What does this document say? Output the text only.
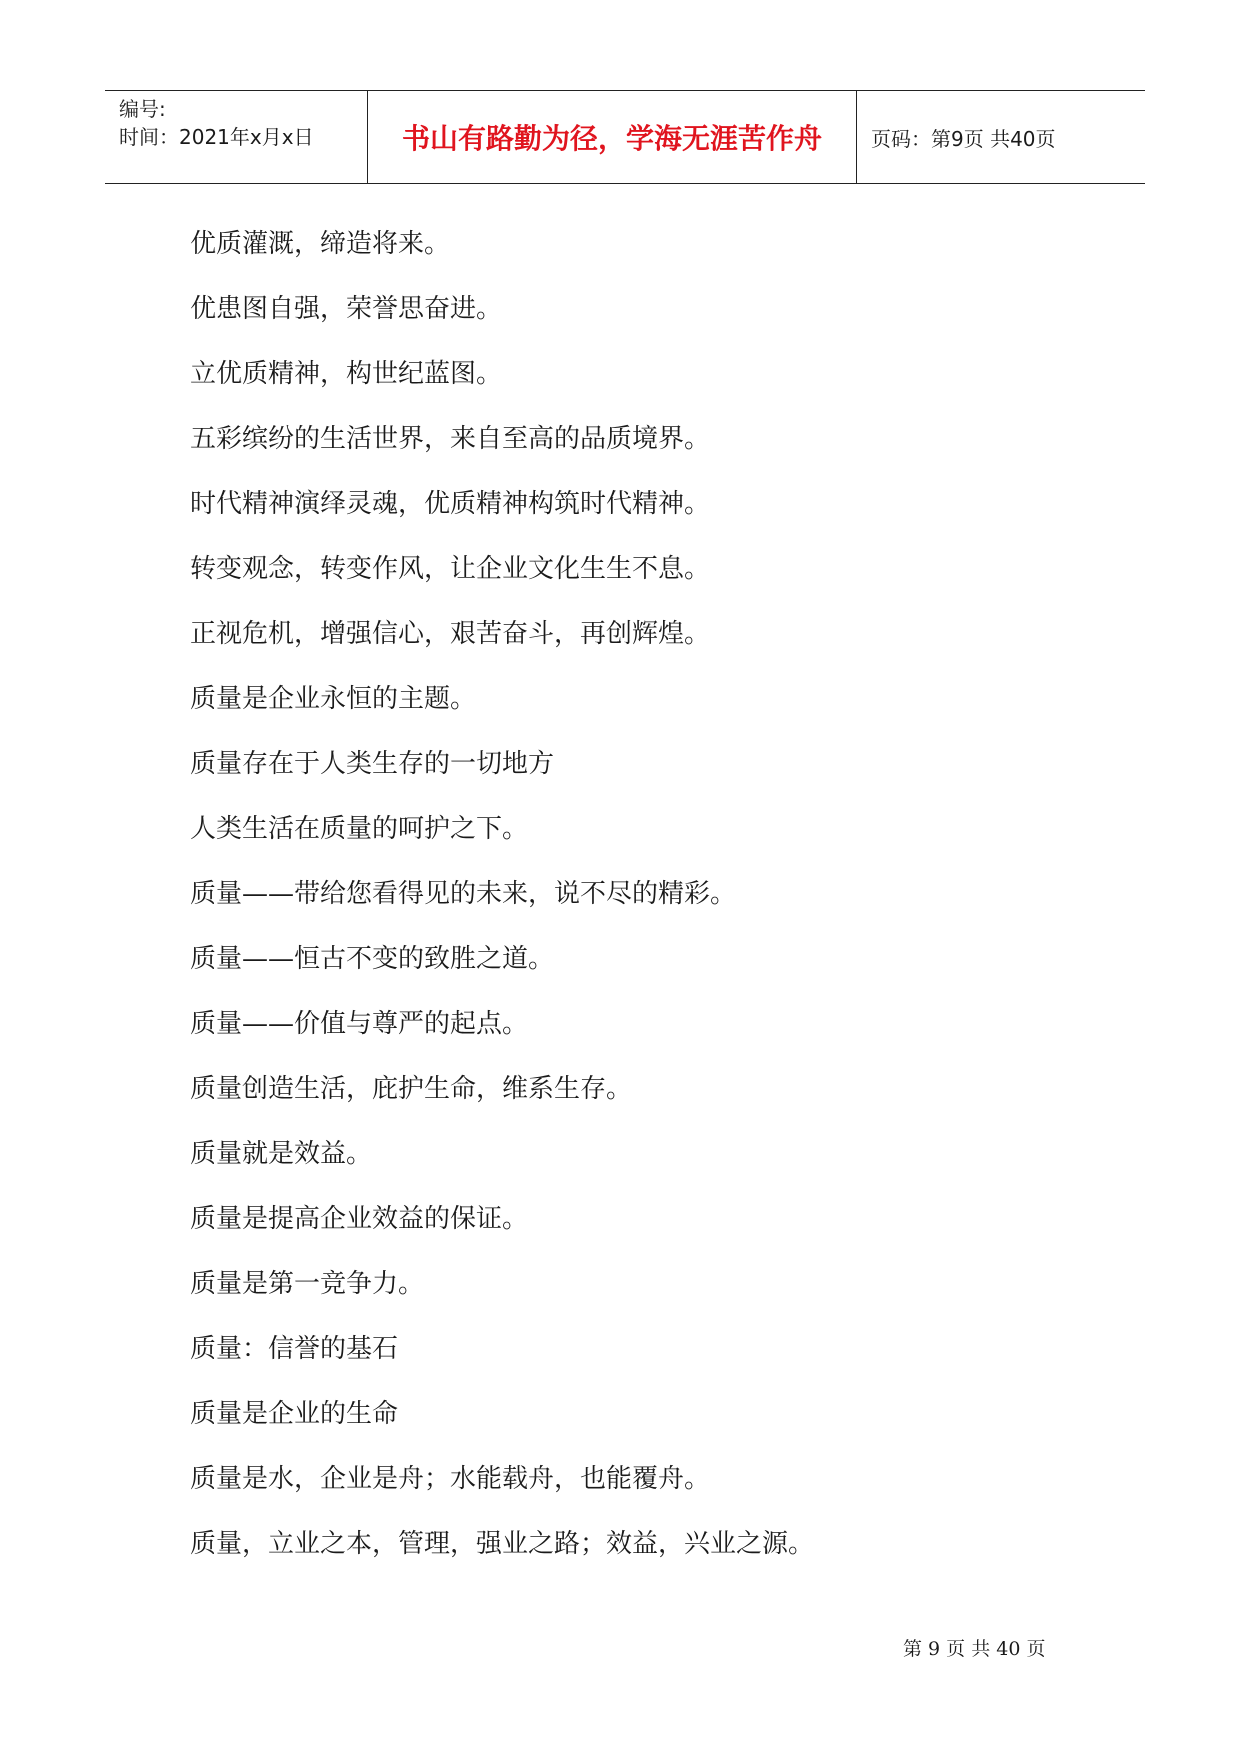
编号:
时间：2021年x月x日	书山有路勤为径，学海无涯苦作舟	页码：第9页 共40页
优质灌溉，缔造将来。
优患图自强，荣誉思奋进。
立优质精神，构世纪蓝图。
五彩缤纷的生活世界，来自至高的品质境界。
时代精神演绎灵魂，优质精神构筑时代精神。
转变观念，转变作风，让企业文化生生不息。
正视危机，增强信心，艰苦奋斗，再创辉煌。
质量是企业永恒的主题。
质量存在于人类生存的一切地方
人类生活在质量的呵护之下。
质量——带给您看得见的未来，说不尽的精彩。
质量——恒古不变的致胜之道。
质量——价值与尊严的起点。
质量创造生活，庇护生命，维系生存。
质量就是效益。
质量是提高企业效益的保证。
质量是第一竞争力。
质量：信誉的基石
质量是企业的生命
质量是水，企业是舟；水能载舟，也能覆舟。
质量，立业之本，管理，强业之路；效益，兴业之源。
第 9 页 共 40 页
